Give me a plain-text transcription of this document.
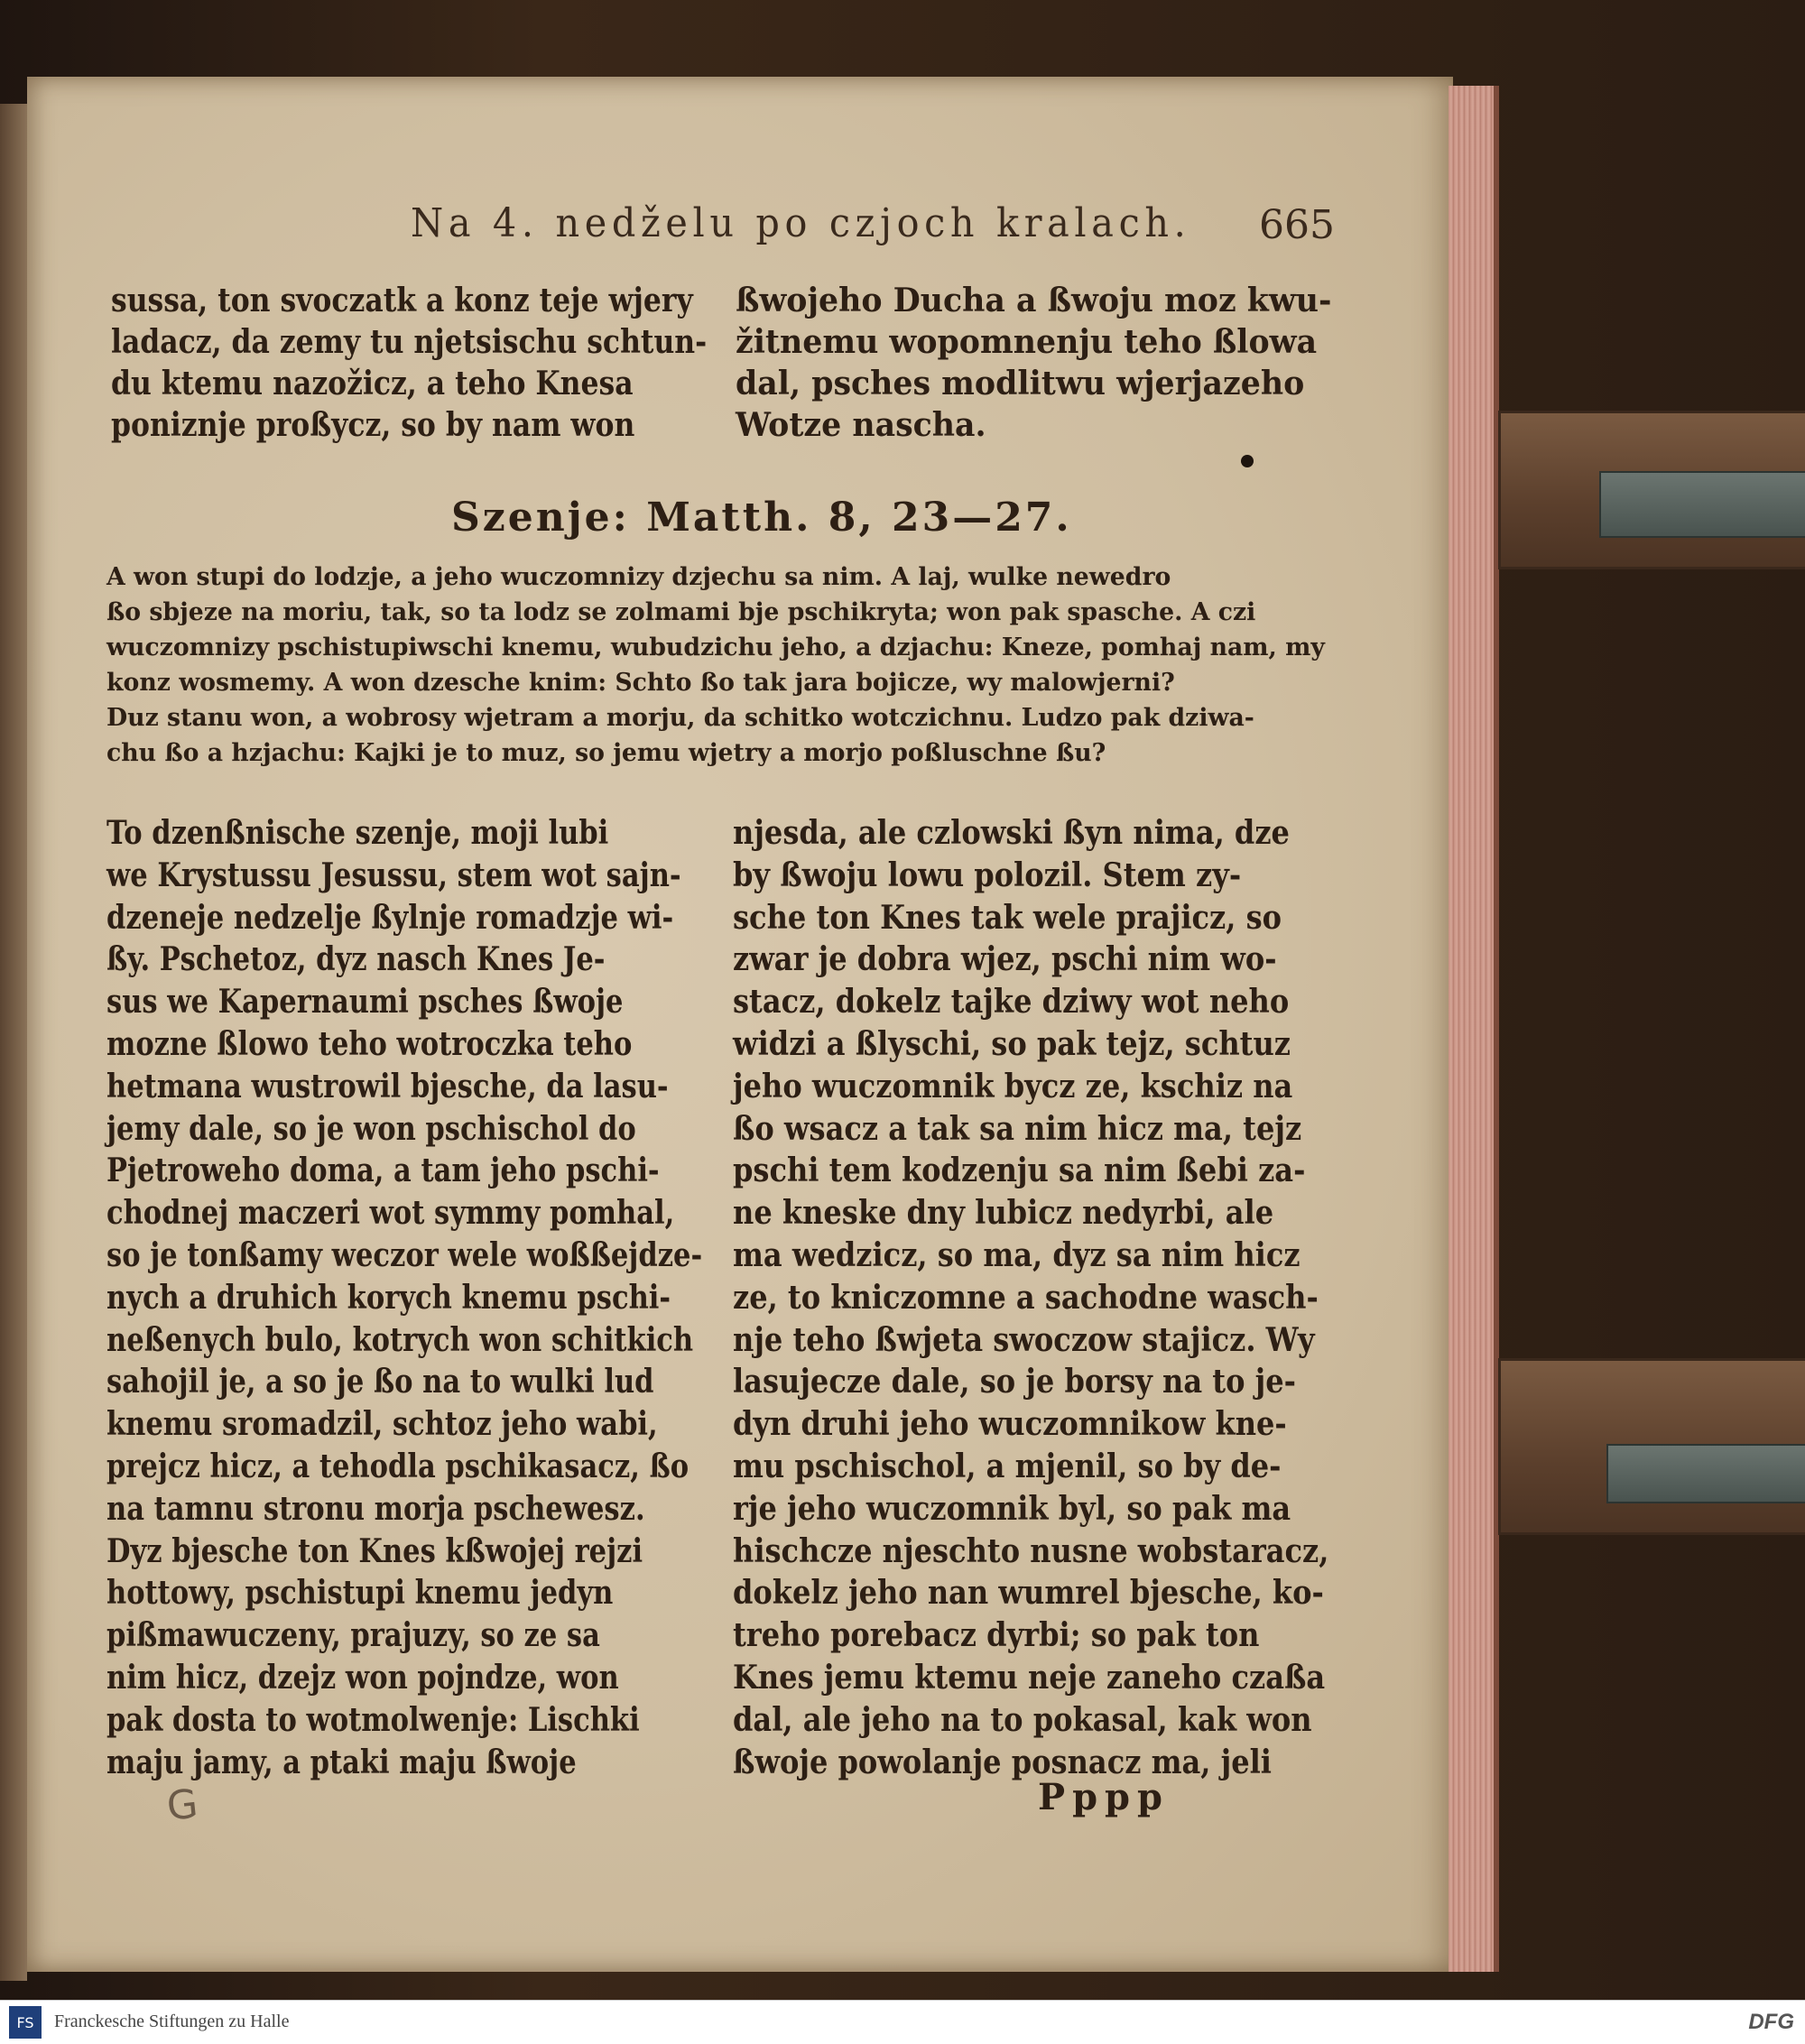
Na 4. nedželu po czjoch kralach.	665
sussa, ton svoczatk a konz teje wjery
ladacz, da zemy tu njetsischu schtun-
du ktemu nazožicz, a teho Knesa
poniznje proßycz, so by nam won
ßwojeho Ducha a ßwoju moz kwu-
žitnemu wopomnenju teho ßlowa
dal, psches modlitwu wjerjazeho
Wotze nascha.
Szenje: Matth. 8, 23—27.
A won stupi do lodzje, a jeho wuczomnizy dzjechu sa nim. A laj, wulke newedro
ßo sbjeze na moriu, tak, so ta lodz se zolmami bje pschikryta; won pak spasche. A czi
wuczomnizy pschistupiwschi knemu, wubudzichu jeho, a dzjachu: Kneze, pomhaj nam, my
konz wosmemy. A won dzesche knim: Schto ßo tak jara bojicze, wy malowjerni?
Duz stanu won, a wobrosy wjetram a morju, da schitko wotczichnu. Ludzo pak dziwa-
chu ßo a hzjachu: Kajki je to muz, so jemu wjetry a morjo poßluschne ßu?
To dzenßnische szenje, moji lubi
we Krystussu Jesussu, stem wot sajn-
dzeneje nedzelje ßylnje romadzje wi-
ßy. Pschetoz, dyz nasch Knes Je-
sus we Kapernaumi psches ßwoje
mozne ßlowo teho wotroczka teho
hetmana wustrowil bjesche, da lasu-
jemy dale, so je won pschischol do
Pjetroweho doma, a tam jeho pschi-
chodnej maczeri wot symmy pomhal,
so je tonßamy weczor wele woßßejdze-
nych a druhich korych knemu pschi-
neßenych bulo, kotrych won schitkich
sahojil je, a so je ßo na to wulki lud
knemu sromadzil, schtoz jeho wabi,
prejcz hicz, a tehodla pschikasacz, ßo
na tamnu stronu morja pschewesz.
Dyz bjesche ton Knes kßwojej rejzi
hottowy, pschistupi knemu jedyn
pißmawuczeny, prajuzy, so ze sa
nim hicz, dzejz won pojndze, won
pak dosta to wotmolwenje: Lischki
maju jamy, a ptaki maju ßwoje
njesda, ale czlowski ßyn nima, dze
by ßwoju lowu polozil. Stem zy-
sche ton Knes tak wele prajicz, so
zwar je dobra wjez, pschi nim wo-
stacz, dokelz tajke dziwy wot neho
widzi a ßlyschi, so pak tejz, schtuz
jeho wuczomnik bycz ze, kschiz na
ßo wsacz a tak sa nim hicz ma, tejz
pschi tem kodzenju sa nim ßebi za-
ne kneske dny lubicz nedyrbi, ale
ma wedzicz, so ma, dyz sa nim hicz
ze, to kniczomne a sachodne wasch-
nje teho ßwjeta swoczow stajicz. Wy
lasujecze dale, so je borsy na to je-
dyn druhi jeho wuczomnikow kne-
mu pschischol, a mjenil, so by de-
rje jeho wuczomnik byl, so pak ma
hischcze njeschto nusne wobstaracz,
dokelz jeho nan wumrel bjesche, ko-
treho porebacz dyrbi; so pak ton
Knes jemu ktemu neje zaneho czaßa
dal, ale jeho na to pokasal, kak won
ßwoje powolanje posnacz ma, jeli
Pppp
G
FS	Franckesche Stiftungen zu Halle	DFG
